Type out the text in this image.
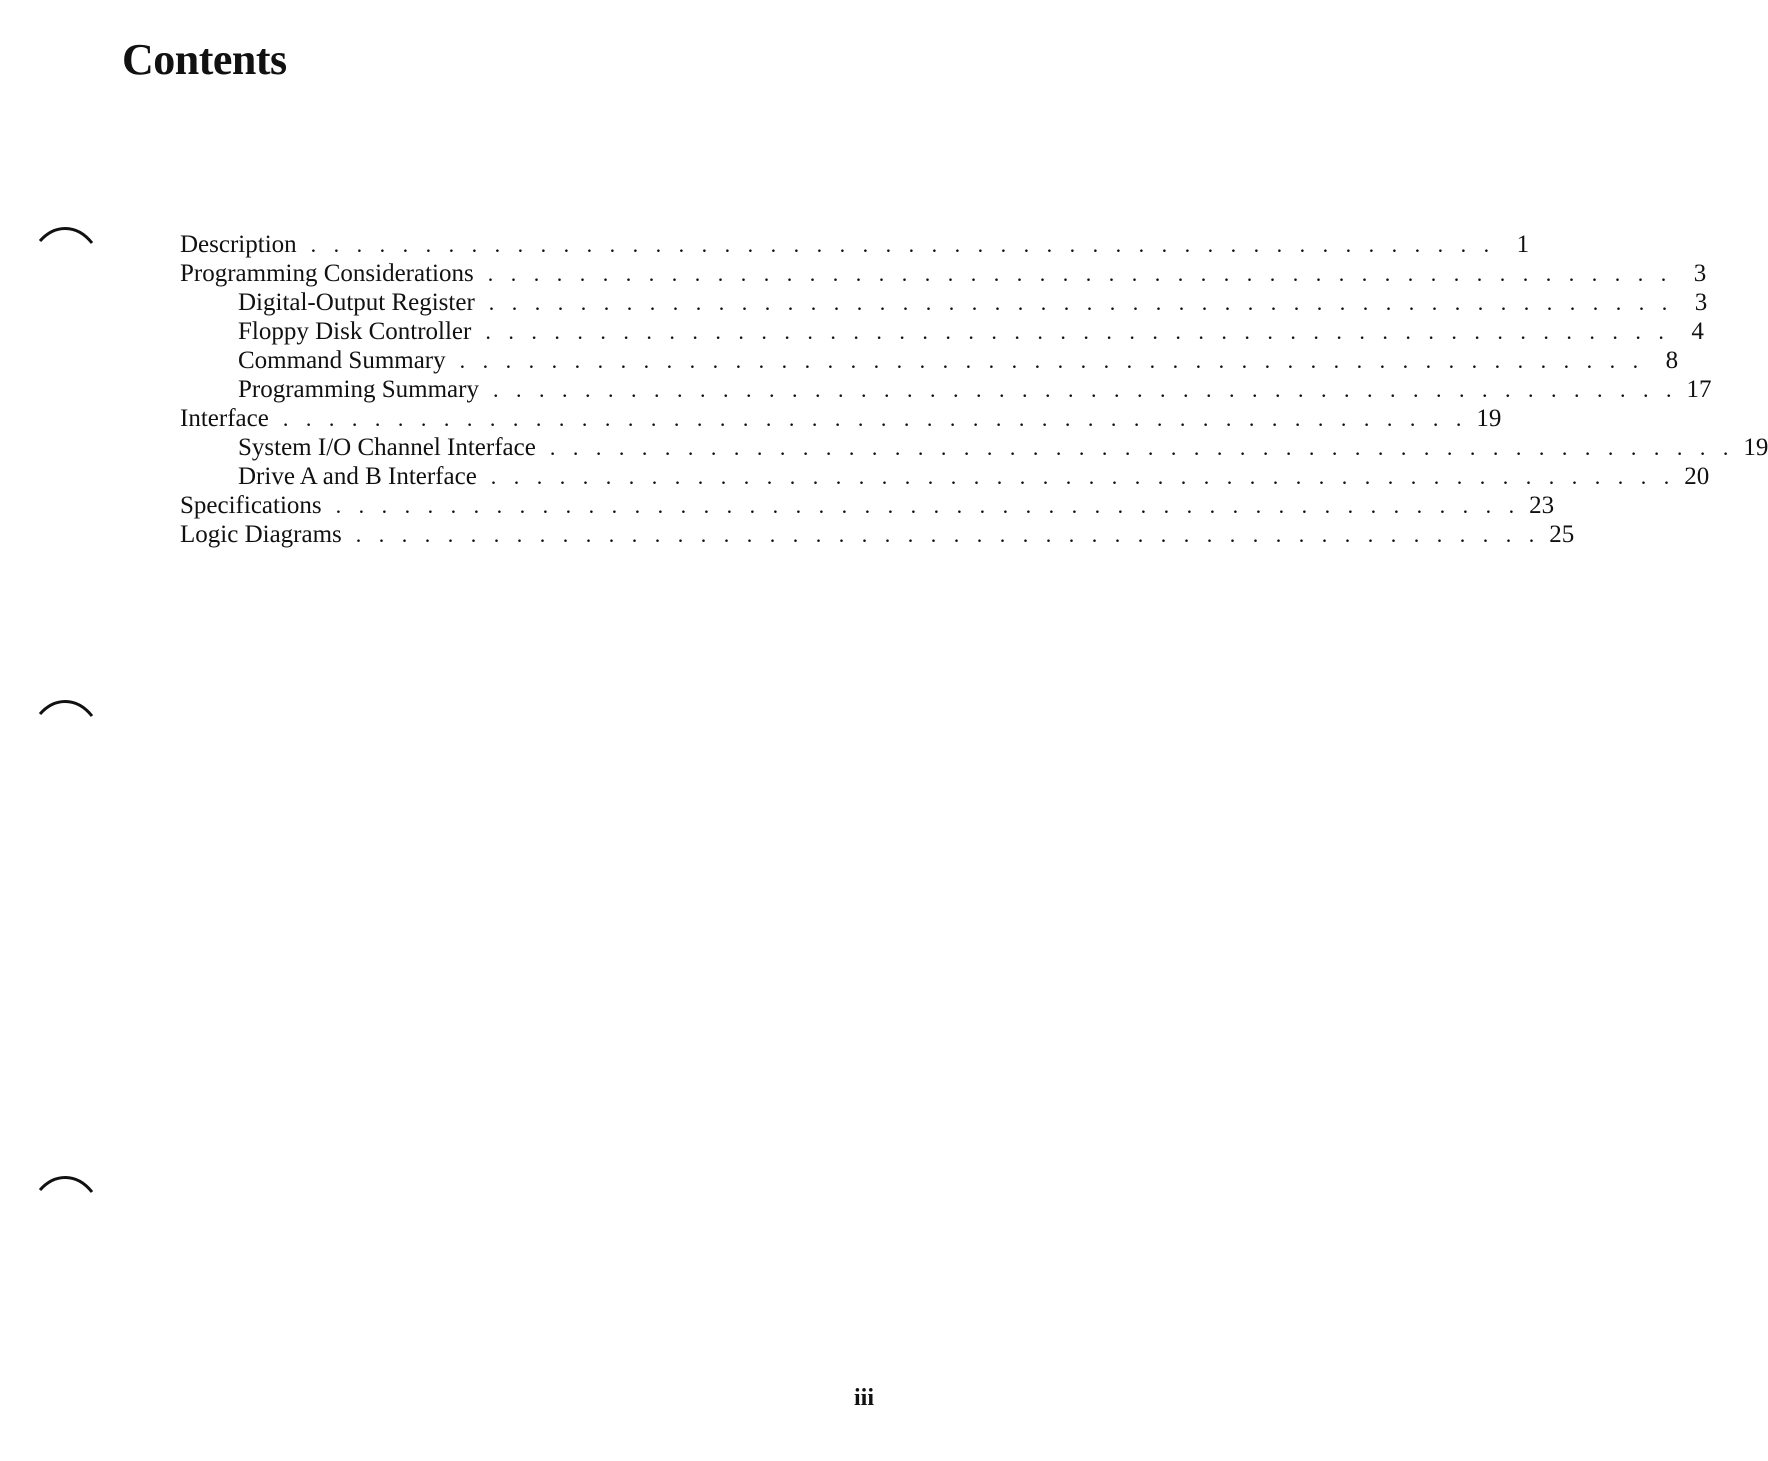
Contents
Description . . . . . . . . . . . . . . . . . . . . . . . . . . . . . . . . . . . . . . . . . . . . . . . . . . . . 1
Programming Considerations . . . . . . . . . . . . . . . . . . . . . . . . . . . . . . . . . . . . . . . . . . . . . . . . . . . . 3
Digital-Output Register . . . . . . . . . . . . . . . . . . . . . . . . . . . . . . . . . . . . . . . . . . . . . . . . . . . . 3
Floppy Disk Controller . . . . . . . . . . . . . . . . . . . . . . . . . . . . . . . . . . . . . . . . . . . . . . . . . . . . 4
Command Summary . . . . . . . . . . . . . . . . . . . . . . . . . . . . . . . . . . . . . . . . . . . . . . . . . . . . 8
Programming Summary . . . . . . . . . . . . . . . . . . . . . . . . . . . . . . . . . . . . . . . . . . . . . . . . . . . . 17
Interface . . . . . . . . . . . . . . . . . . . . . . . . . . . . . . . . . . . . . . . . . . . . . . . . . . . . 19
System I/O Channel Interface . . . . . . . . . . . . . . . . . . . . . . . . . . . . . . . . . . . . . . . . . . . . . . . . . . . . 19
Drive A and B Interface . . . . . . . . . . . . . . . . . . . . . . . . . . . . . . . . . . . . . . . . . . . . . . . . . . . . 20
Specifications . . . . . . . . . . . . . . . . . . . . . . . . . . . . . . . . . . . . . . . . . . . . . . . . . . . . 23
Logic Diagrams . . . . . . . . . . . . . . . . . . . . . . . . . . . . . . . . . . . . . . . . . . . . . . . . . . . . 25
iii
